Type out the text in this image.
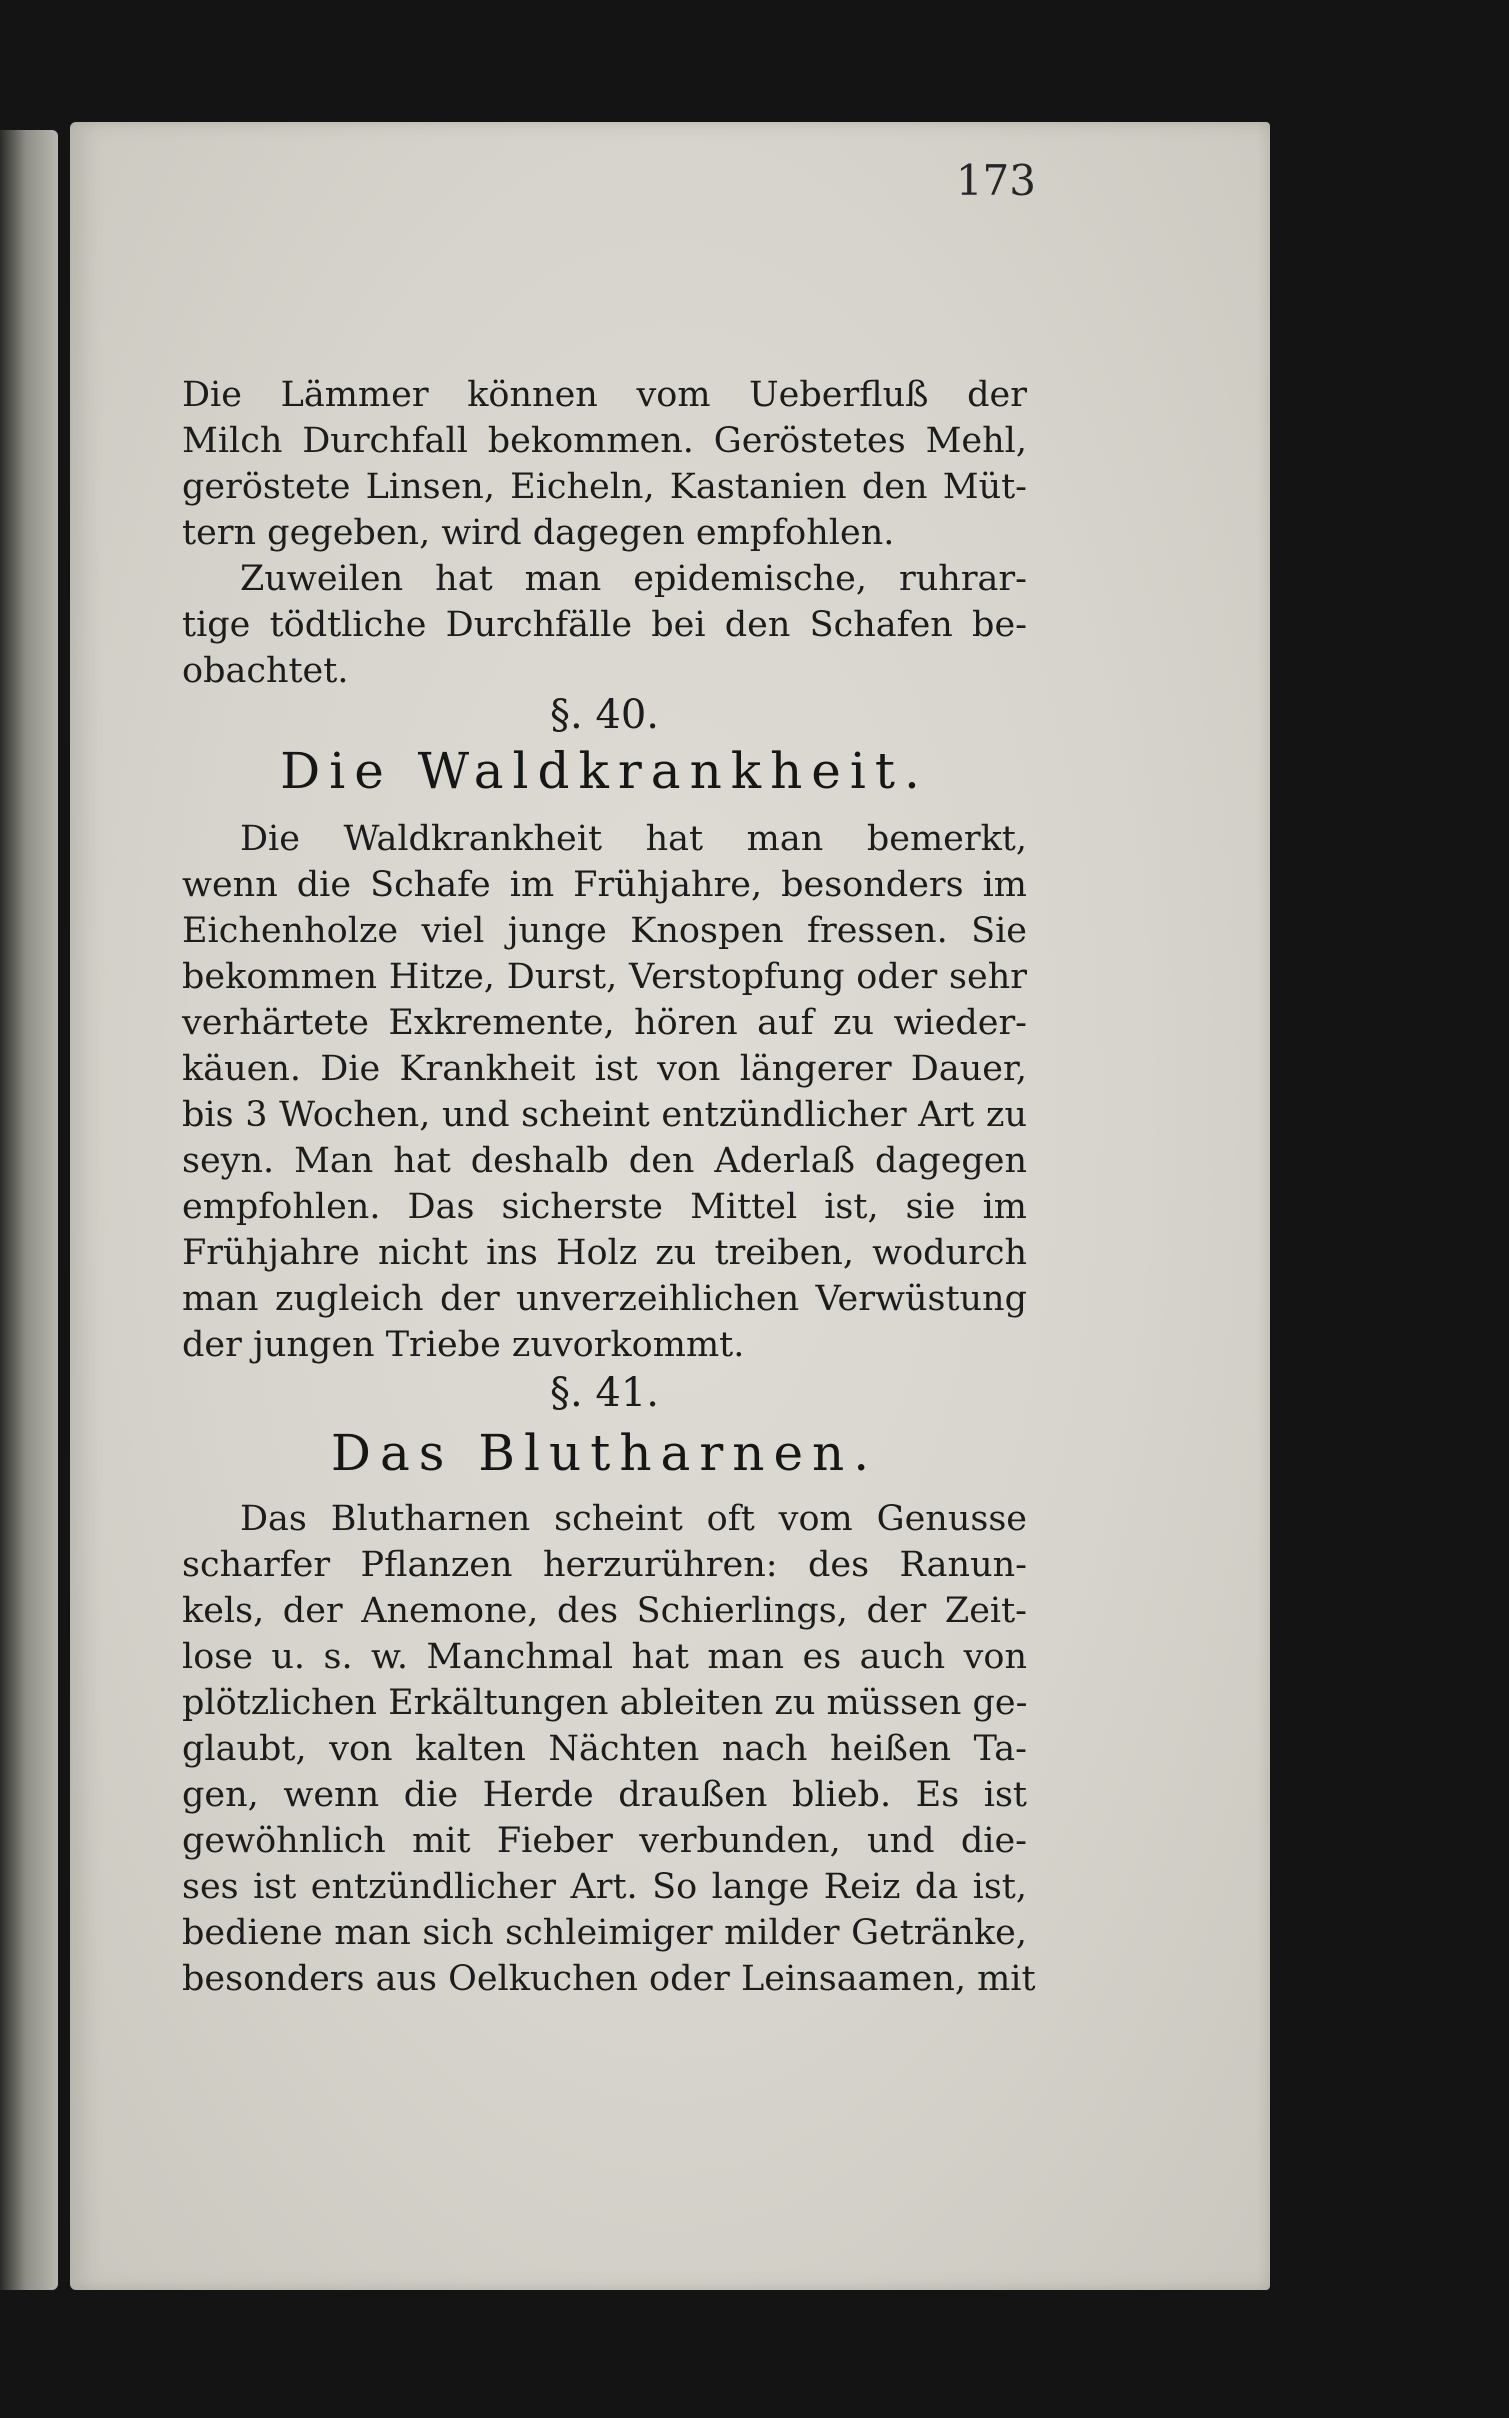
173
Die Lämmer können vom Ueberfluß der
Milch Durchfall bekommen. Geröstetes Mehl,
geröstete Linsen, Eicheln, Kastanien den Müt-
tern gegeben, wird dagegen empfohlen.
Zuweilen hat man epidemische, ruhrar-
tige tödtliche Durchfälle bei den Schafen be-
obachtet.
§. 40.
Die Waldkrankheit.
Die Waldkrankheit hat man bemerkt,
wenn die Schafe im Frühjahre, besonders im
Eichenholze viel junge Knospen fressen. Sie
bekommen Hitze, Durst, Verstopfung oder sehr
verhärtete Exkremente, hören auf zu wieder-
käuen. Die Krankheit ist von längerer Dauer,
bis 3 Wochen, und scheint entzündlicher Art zu
seyn. Man hat deshalb den Aderlaß dagegen
empfohlen. Das sicherste Mittel ist, sie im
Frühjahre nicht ins Holz zu treiben, wodurch
man zugleich der unverzeihlichen Verwüstung
der jungen Triebe zuvorkommt.
§. 41.
Das Blutharnen.
Das Blutharnen scheint oft vom Genusse
scharfer Pflanzen herzurühren: des Ranun-
kels, der Anemone, des Schierlings, der Zeit-
lose u. s. w. Manchmal hat man es auch von
plötzlichen Erkältungen ableiten zu müssen ge-
glaubt, von kalten Nächten nach heißen Ta-
gen, wenn die Herde draußen blieb. Es ist
gewöhnlich mit Fieber verbunden, und die-
ses ist entzündlicher Art. So lange Reiz da ist,
bediene man sich schleimiger milder Getränke,
besonders aus Oelkuchen oder Leinsaamen, mit
